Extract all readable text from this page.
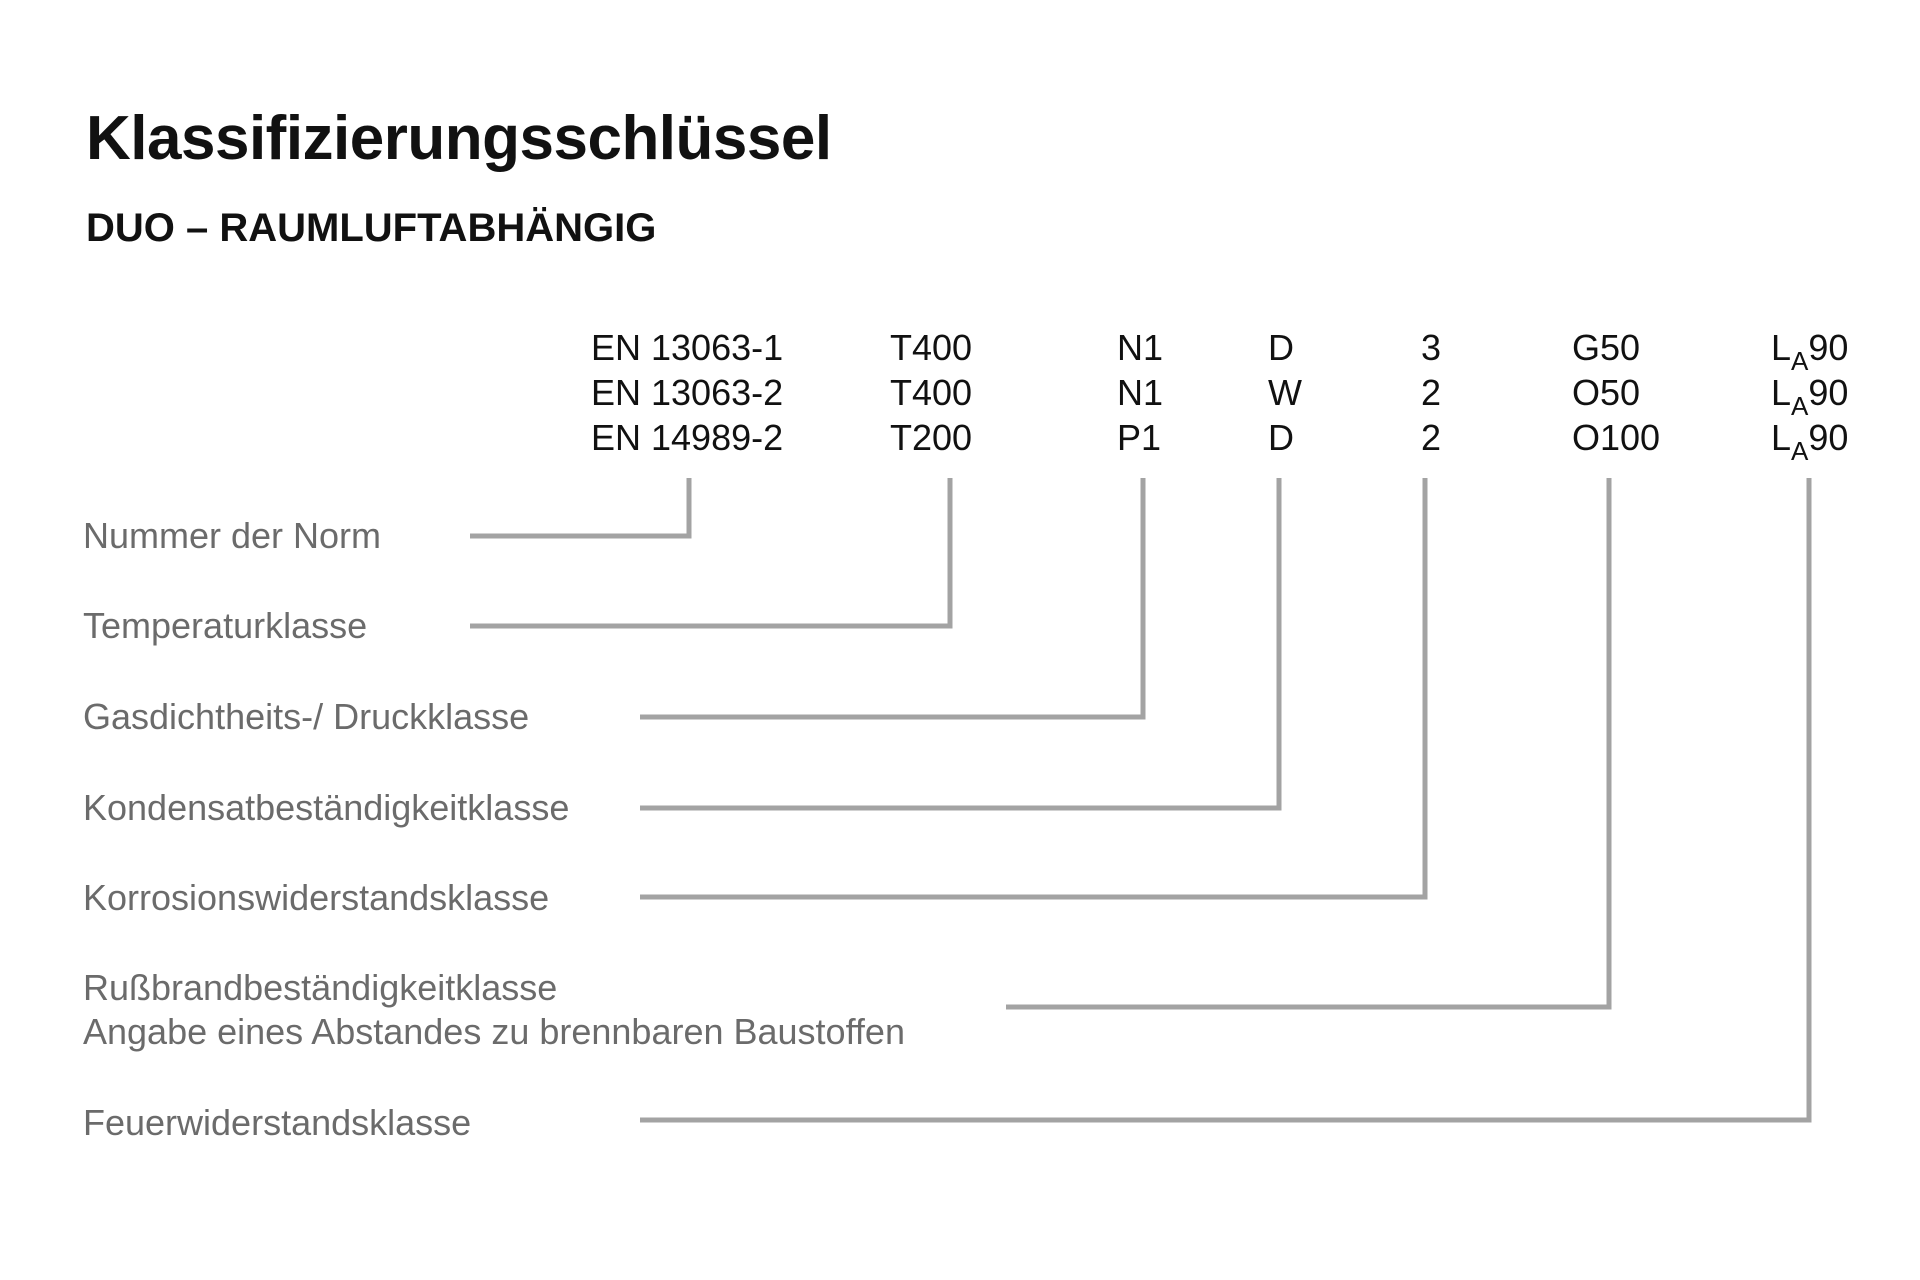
Klassifizierungsschlüssel
DUO – RAUMLUFTABHÄNGIG
EN 13063-1
EN 13063-2
EN 14989-2
T400
T400
T200
N1
N1
P1
D
W
D
3
2
2
G50
O50
O100
$L_A90$
$L_A90$
$L_A90$
Nummer der Norm
Temperaturklasse
Gasdichtheits-/ Druckklasse
Kondensatbeständigkeitklasse
Korrosionswiderstandsklasse
Rußbrandbeständigkeitklasse
Angabe eines Abstandes zu brennbaren Baustoffen
Feuerwiderstandsklasse
